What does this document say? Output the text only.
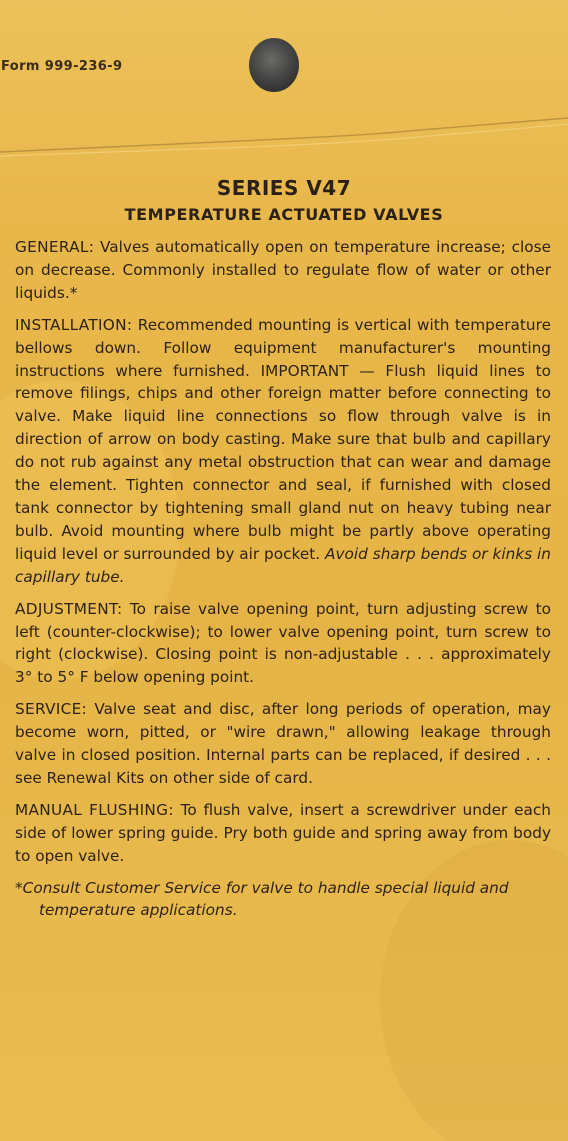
Form 999-236-9
SERIES V47
TEMPERATURE ACTUATED VALVES

GENERAL: Valves automatically open on temperature increase; close on decrease. Commonly installed to regulate flow of water or other liquids.*

INSTALLATION: Recommended mounting is vertical with temperature bellows down. Follow equipment manufacturer's mounting instructions where furnished. IMPORTANT — Flush liquid lines to remove filings, chips and other foreign matter before connecting to valve. Make liquid line connections so flow through valve is in direction of arrow on body casting. Make sure that bulb and capillary do not rub against any metal obstruction that can wear and damage the element. Tighten connector and seal, if furnished with closed tank connector by tightening small gland nut on heavy tubing near bulb. Avoid mounting where bulb might be partly above operating liquid level or surrounded by air pocket. Avoid sharp bends or kinks in capillary tube.

ADJUSTMENT: To raise valve opening point, turn adjusting screw to left (counter-clockwise); to lower valve opening point, turn screw to right (clockwise). Closing point is non-adjustable . . . approximately 3° to 5° F below opening point.

SERVICE: Valve seat and disc, after long periods of operation, may become worn, pitted, or "wire drawn," allowing leakage through valve in closed position. Internal parts can be replaced, if desired . . . see Renewal Kits on other side of card.

MANUAL FLUSHING: To flush valve, insert a screwdriver under each side of lower spring guide. Pry both guide and spring away from body to open valve.

*Consult Customer Service for valve to handle special liquid and temperature applications.
